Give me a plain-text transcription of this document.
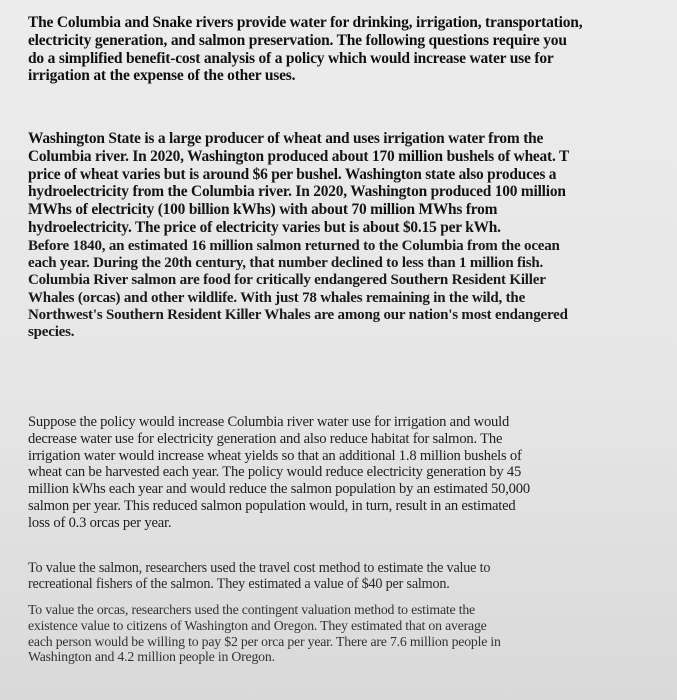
The Columbia and Snake rivers provide water for drinking, irrigation, transportation,
electricity generation, and salmon preservation. The following questions require you
do a simplified benefit-cost analysis of a policy which would increase water use for
irrigation at the expense of the other uses.

Washington State is a large producer of wheat and uses irrigation water from the
Columbia river. In 2020, Washington produced about 170 million bushels of wheat. T
price of wheat varies but is around $6 per bushel. Washington state also produces a
hydroelectricity from the Columbia river. In 2020, Washington produced 100 million
MWhs of electricity (100 billion kWhs) with about 70 million MWhs from
hydroelectricity. The price of electricity varies but is about $0.15 per kWh.

Before 1840, an estimated 16 million salmon returned to the Columbia from the ocean
each year. During the 20th century, that number declined to less than 1 million fish.
Columbia River salmon are food for critically endangered Southern Resident Killer
Whales (orcas) and other wildlife. With just 78 whales remaining in the wild, the
Northwest's Southern Resident Killer Whales are among our nation's most endangered
species.

Suppose the policy would increase Columbia river water use for irrigation and would
decrease water use for electricity generation and also reduce habitat for salmon. The
irrigation water would increase wheat yields so that an additional 1.8 million bushels of
wheat can be harvested each year. The policy would reduce electricity generation by 45
million kWhs each year and would reduce the salmon population by an estimated 50,000
salmon per year. This reduced salmon population would, in turn, result in an estimated
loss of 0.3 orcas per year.

To value the salmon, researchers used the travel cost method to estimate the value to
recreational fishers of the salmon. They estimated a value of $40 per salmon.

To value the orcas, researchers used the contingent valuation method to estimate the
existence value to citizens of Washington and Oregon. They estimated that on average
each person would be willing to pay $2 per orca per year. There are 7.6 million people in
Washington and 4.2 million people in Oregon.
